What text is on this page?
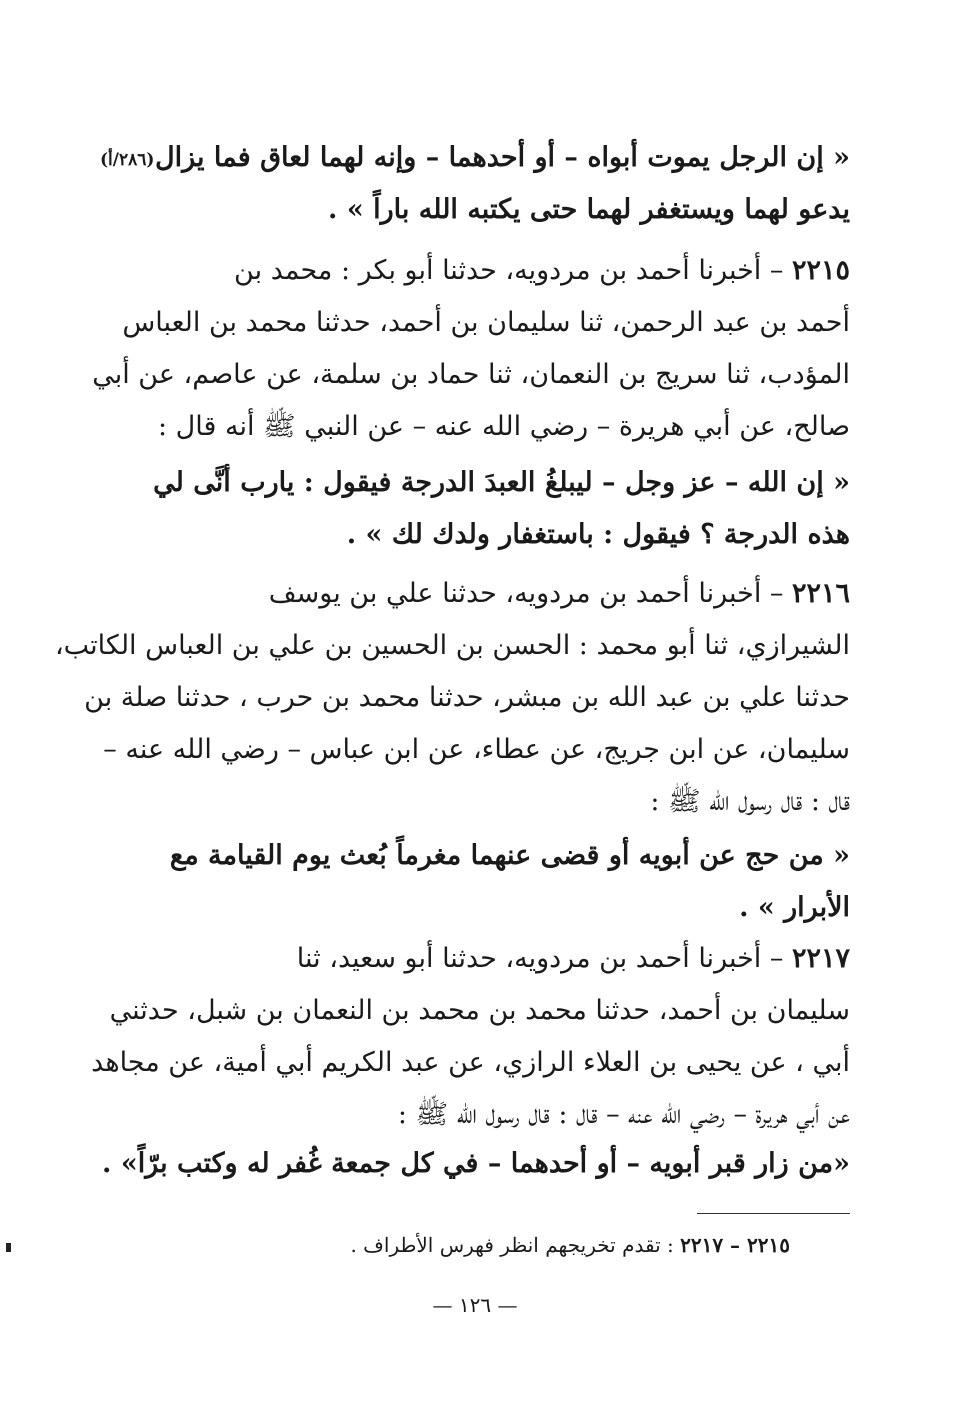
(٢٨٦/أ) « إن الرجل يموت أبواه – أو أحدهما – وإنه لهما لعاق فما يزال
يدعو لهما ويستغفر لهما حتى يكتبه الله باراً » .
٢٢١٥ – أخبرنا أحمد بن مردويه، حدثنا أبو بكر : محمد بن
أحمد بن عبد الرحمن، ثنا سليمان بن أحمد، حدثنا محمد بن العباس
المؤدب، ثنا سريج بن النعمان، ثنا حماد بن سلمة، عن عاصم، عن أبي
صالح، عن أبي هريرة – رضي الله عنه – عن النبي ﷺ أنه قال :
« إن الله – عز وجل – ليبلغُ العبدَ الدرجة فيقول : يارب أنَّى لي
هذه الدرجة ؟ فيقول : باستغفار ولدك لك » .
٢٢١٦ – أخبرنا أحمد بن مردويه، حدثنا علي بن يوسف
الشيرازي، ثنا أبو محمد : الحسن بن الحسين بن علي بن العباس الكاتب،
حدثنا علي بن عبد الله بن مبشر، حدثنا محمد بن حرب ، حدثنا صلة بن
سليمان، عن ابن جريج، عن عطاء، عن ابن عباس – رضي الله عنه –
قال : قال رسول الله ﷺ :
« من حج عن أبويه أو قضى عنهما مغرماً بُعث يوم القيامة مع
الأبرار » .
٢٢١٧ – أخبرنا أحمد بن مردويه، حدثنا أبو سعيد، ثنا
سليمان بن أحمد، حدثنا محمد بن محمد بن النعمان بن شبل، حدثني
أبي ، عن يحيى بن العلاء الرازي، عن عبد الكريم أبي أمية، عن مجاهد
عن أبي هريرة – رضي الله عنه – قال : قال رسول الله ﷺ :
«من زار قبر أبويه – أو أحدهما – في كل جمعة غُفر له وكتب برّاً» .
٢٢١٥ – ٢٢١٧ : تقدم تخريجهم انظر فهرس الأطراف .
— ١٢٦ —
